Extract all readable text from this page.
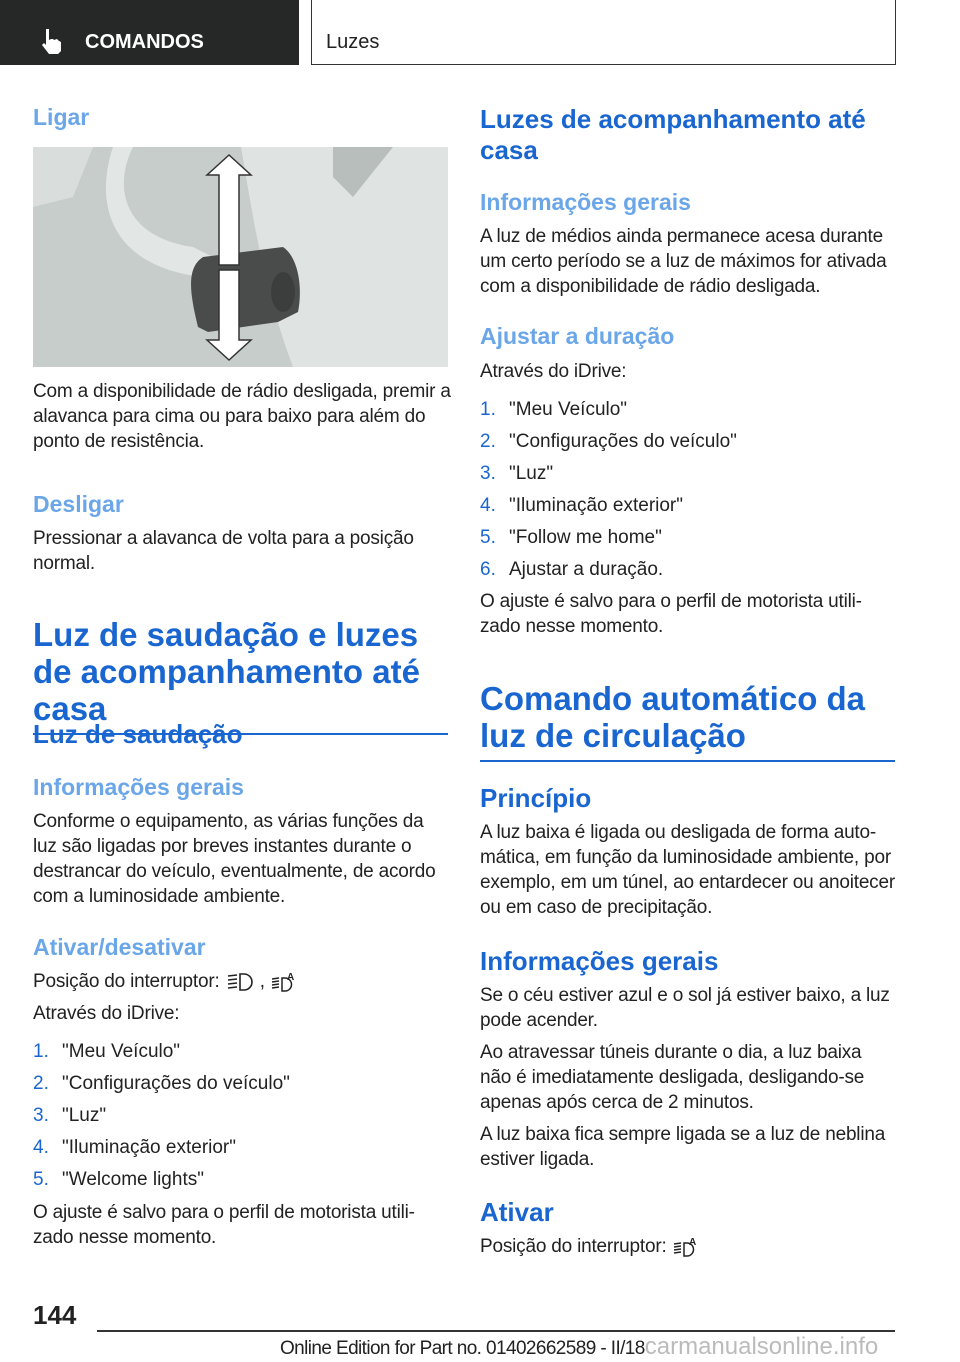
COMANDOS	Luzes
Ligar
Com a disponibilidade de rádio desligada, premir a alavanca para cima ou para baixo para além do ponto de resistência.
Desligar
Pressionar a alavanca de volta para a posição normal.
Luz de saudação e luzes de acompanhamento até casa
Luz de saudação
Informações gerais
Conforme o equipamento, as várias funções da luz são ligadas por breves instantes durante o destrancar do veículo, eventualmente, de acordo com a luminosidade ambiente.
Ativar/desativar
Posição do interruptor: , A
Através do iDrive:
1. "Meu Veículo"
2. "Configurações do veículo"
3. "Luz"
4. "Iluminação exterior"
5. "Welcome lights"
O ajuste é salvo para o perfil de motorista utili-zado nesse momento.
Luzes de acompanhamento até casa
Informações gerais
A luz de médios ainda permanece acesa durante um certo período se a luz de máximos for ativada com a disponibilidade de rádio desligada.
Ajustar a duração
Através do iDrive:
1. "Meu Veículo"
2. "Configurações do veículo"
3. "Luz"
4. "Iluminação exterior"
5. "Follow me home"
6. Ajustar a duração.
O ajuste é salvo para o perfil de motorista utili-zado nesse momento.
Comando automático da luz de circulação
Princípio
A luz baixa é ligada ou desligada de forma auto-mática, em função da luminosidade ambiente, por exemplo, em um túnel, ao entardecer ou anoitecer ou em caso de precipitação.
Informações gerais
Se o céu estiver azul e o sol já estiver baixo, a luz pode acender.
Ao atravessar túneis durante o dia, a luz baixa não é imediatamente desligada, desligando-se apenas após cerca de 2 minutos.
A luz baixa fica sempre ligada se a luz de neblina estiver ligada.
Ativar
Posição do interruptor: A
144
Online Edition for Part no. 01402662589 - II/18carmanualsonline.info
